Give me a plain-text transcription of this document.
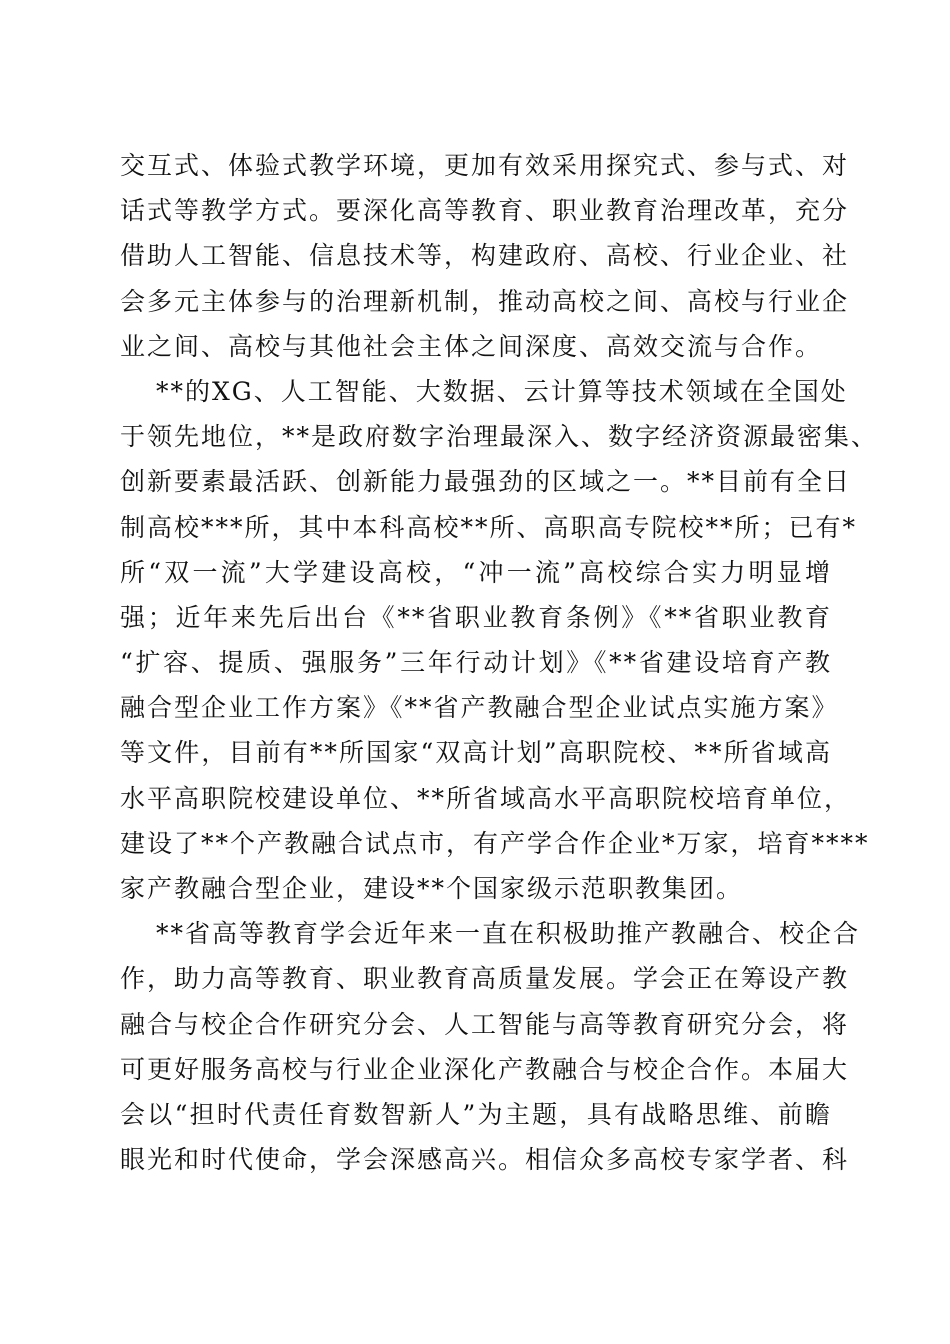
交互式、体验式教学环境，更加有效采用探究式、参与式、对
话式等教学方式。要深化高等教育、职业教育治理改革，充分
借助人工智能、信息技术等，构建政府、高校、行业企业、社
会多元主体参与的治理新机制，推动高校之间、高校与行业企
业之间、高校与其他社会主体之间深度、高效交流与合作。
**的XG、人工智能、大数据、云计算等技术领域在全国处
于领先地位，**是政府数字治理最深入、数字经济资源最密集、
创新要素最活跃、创新能力最强劲的区域之一。**目前有全日
制高校***所，其中本科高校**所、高职高专院校**所；已有*
所“双一流”大学建设高校，“冲一流”高校综合实力明显增
强；近年来先后出台《**省职业教育条例》《**省职业教育
“扩容、提质、强服务”三年行动计划》《**省建设培育产教
融合型企业工作方案》《**省产教融合型企业试点实施方案》
等文件，目前有**所国家“双高计划”高职院校、**所省域高
水平高职院校建设单位、**所省域高水平高职院校培育单位，
建设了**个产教融合试点市，有产学合作企业*万家，培育****
家产教融合型企业，建设**个国家级示范职教集团。
**省高等教育学会近年来一直在积极助推产教融合、校企合
作，助力高等教育、职业教育高质量发展。学会正在筹设产教
融合与校企合作研究分会、人工智能与高等教育研究分会，将
可更好服务高校与行业企业深化产教融合与校企合作。本届大
会以“担时代责任育数智新人”为主题，具有战略思维、前瞻
眼光和时代使命，学会深感高兴。相信众多高校专家学者、科
